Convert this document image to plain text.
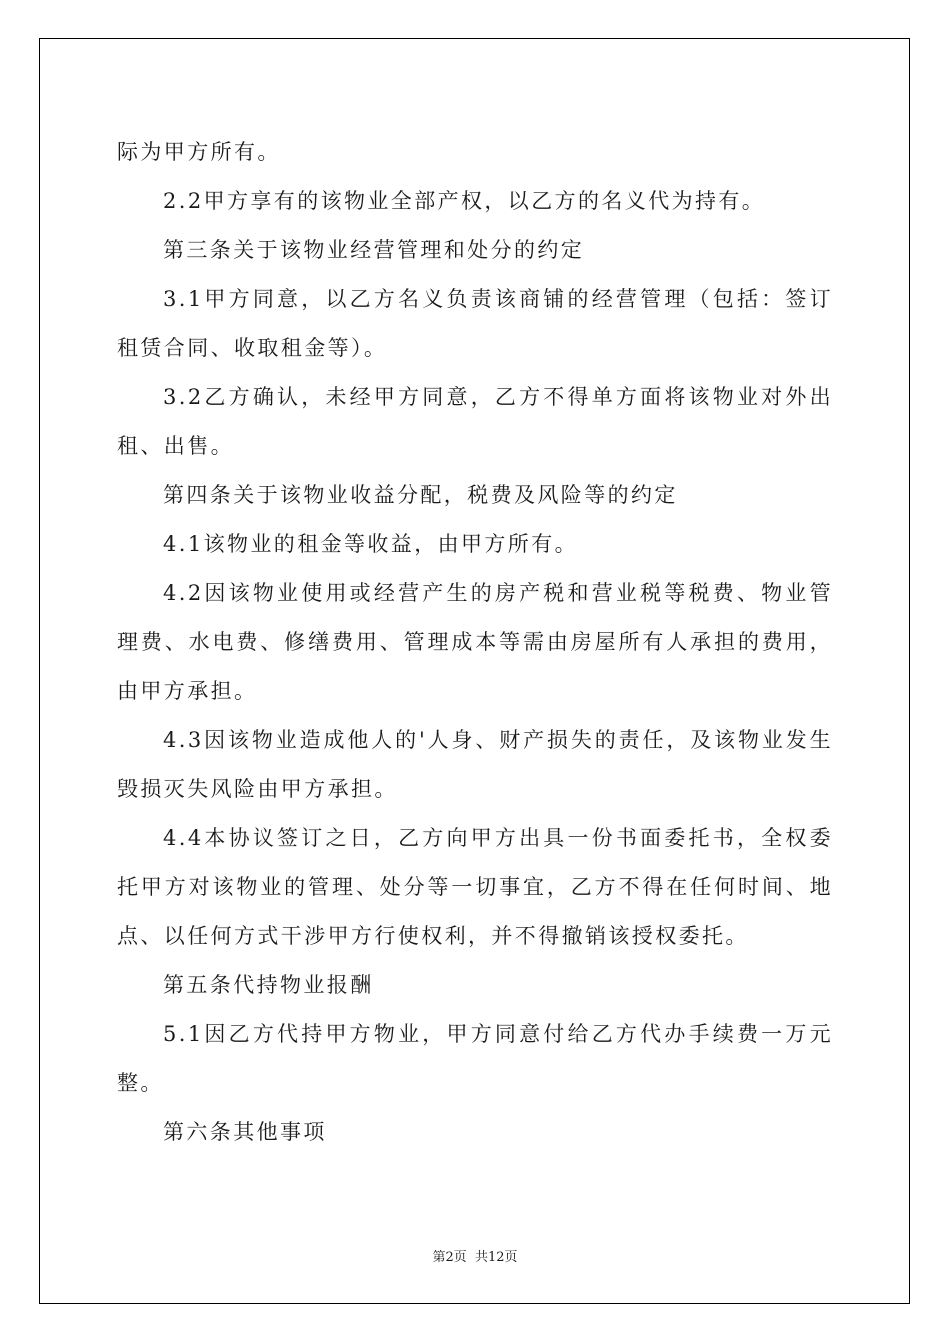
际为甲方所有。

2.2甲方享有的该物业全部产权，以乙方的名义代为持有。

第三条关于该物业经营管理和处分的约定

3.1甲方同意，以乙方名义负责该商铺的经营管理（包括：签订租赁合同、收取租金等）。

3.2乙方确认，未经甲方同意，乙方不得单方面将该物业对外出租、出售。

第四条关于该物业收益分配，税费及风险等的约定

4.1该物业的租金等收益，由甲方所有。

4.2因该物业使用或经营产生的房产税和营业税等税费、物业管理费、水电费、修缮费用、管理成本等需由房屋所有人承担的费用，由甲方承担。

4.3因该物业造成他人的'人身、财产损失的责任，及该物业发生毁损灭失风险由甲方承担。

4.4本协议签订之日，乙方向甲方出具一份书面委托书，全权委托甲方对该物业的管理、处分等一切事宜，乙方不得在任何时间、地点、以任何方式干涉甲方行使权利，并不得撤销该授权委托。

第五条代持物业报酬

5.1因乙方代持甲方物业，甲方同意付给乙方代办手续费一万元整。

第六条其他事项

第2页 共12页
